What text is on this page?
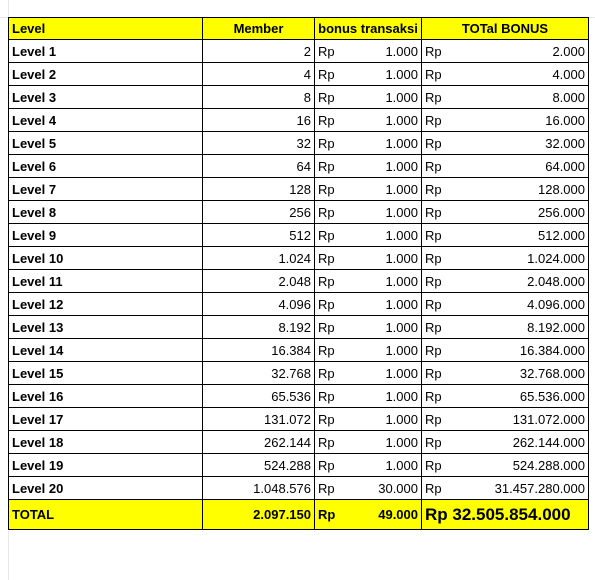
Level	Member	bonus transaksi		TOTal BONUS	
Level 1	2	Rp	1.000	Rp	2.000
Level 2	4	Rp	1.000	Rp	4.000
Level 3	8	Rp	1.000	Rp	8.000
Level 4	16	Rp	1.000	Rp	16.000
Level 5	32	Rp	1.000	Rp	32.000
Level 6	64	Rp	1.000	Rp	64.000
Level 7	128	Rp	1.000	Rp	128.000
Level 8	256	Rp	1.000	Rp	256.000
Level 9	512	Rp	1.000	Rp	512.000
Level 10	1.024	Rp	1.000	Rp	1.024.000
Level 11	2.048	Rp	1.000	Rp	2.048.000
Level 12	4.096	Rp	1.000	Rp	4.096.000
Level 13	8.192	Rp	1.000	Rp	8.192.000
Level 14	16.384	Rp	1.000	Rp	16.384.000
Level 15	32.768	Rp	1.000	Rp	32.768.000
Level 16	65.536	Rp	1.000	Rp	65.536.000
Level 17	131.072	Rp	1.000	Rp	131.072.000
Level 18	262.144	Rp	1.000	Rp	262.144.000
Level 19	524.288	Rp	1.000	Rp	524.288.000
Level 20	1.048.576	Rp	30.000	Rp	31.457.280.000
TOTAL	2.097.150	Rp	49.000	Rp 32.505.854.000	
